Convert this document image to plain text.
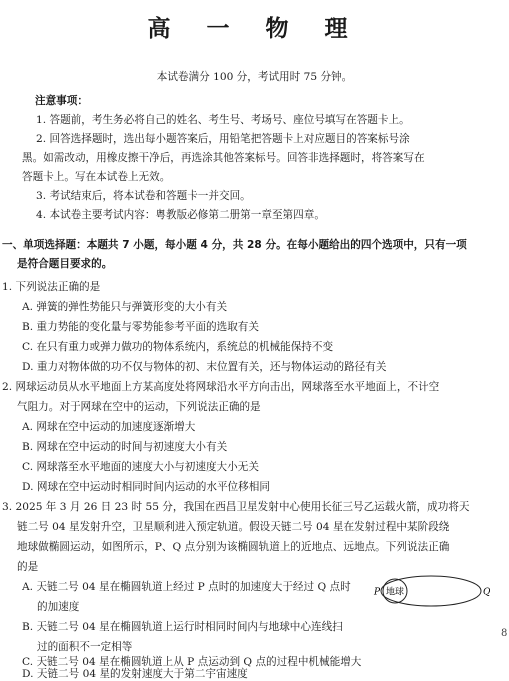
高 一 物 理
本试卷满分 100 分，考试用时 75 分钟。
注意事项：
1. 答题前，考生务必将自己的姓名、考生号、考场号、座位号填写在答题卡上。
2. 回答选择题时，选出每小题答案后，用铅笔把答题卡上对应题目的答案标号涂
黑。如需改动，用橡皮擦干净后，再选涂其他答案标号。回答非选择题时，将答案写在
答题卡上。写在本试卷上无效。
3. 考试结束后，将本试卷和答题卡一并交回。
4. 本试卷主要考试内容：粤教版必修第二册第一章至第四章。
一、单项选择题：本题共 7 小题，每小题 4 分，共 28 分。在每小题给出的四个选项中，只有一项
是符合题目要求的。
1. 下列说法正确的是
A. 弹簧的弹性势能只与弹簧形变的大小有关
B. 重力势能的变化量与零势能参考平面的选取有关
C. 在只有重力或弹力做功的物体系统内，系统总的机械能保持不变
D. 重力对物体做的功不仅与物体的初、末位置有关，还与物体运动的路径有关
2. 网球运动员从水平地面上方某高度处将网球沿水平方向击出，网球落至水平地面上，不计空
气阻力。对于网球在空中的运动，下列说法正确的是
A. 网球在空中运动的加速度逐渐增大
B. 网球在空中运动的时间与初速度大小有关
C. 网球落至水平地面的速度大小与初速度大小无关
D. 网球在空中运动时相同时间内运动的水平位移相同
3. 2025 年 3 月 26 日 23 时 55 分，我国在西昌卫星发射中心使用长征三号乙运载火箭，成功将天
链二号 04 星发射升空，卫星顺利进入预定轨道。假设天链二号 04 星在发射过程中某阶段绕
地球做椭圆运动，如图所示，P、Q 点分别为该椭圆轨道上的近地点、远地点。下列说法正确
的是
A. 天链二号 04 星在椭圆轨道上经过 P 点时的加速度大于经过 Q 点时
的加速度
B. 天链二号 04 星在椭圆轨道上运行时相同时间内与地球中心连线扫
过的面积不一定相等
C. 天链二号 04 星在椭圆轨道上从 P 点运动到 Q 点的过程中机械能增大
D. 天链二号 04 星的发射速度大于第二宇宙速度
地球
P	Q
8
